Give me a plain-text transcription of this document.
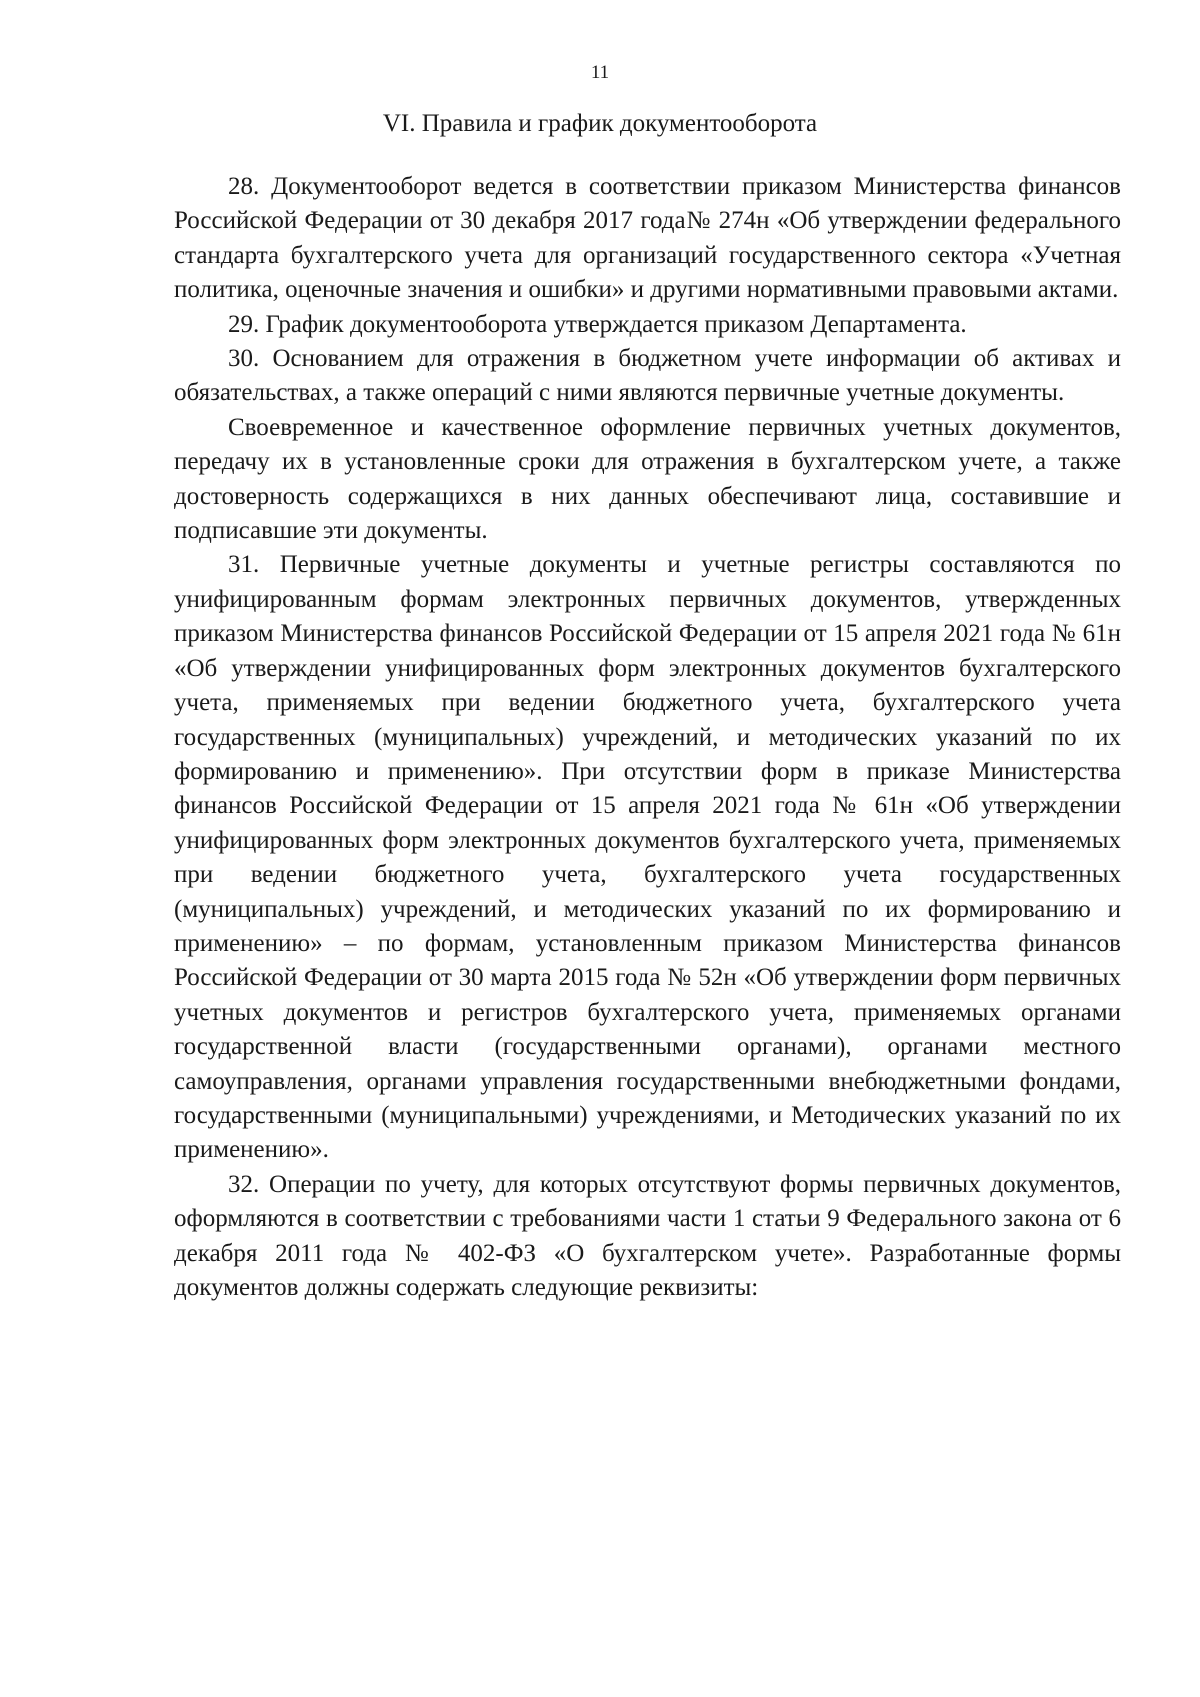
11
VI. Правила и график документооборота

28. Документооборот ведется в соответствии приказом Министерства финансов Российской Федерации от 30 декабря 2017 года№ 274н «Об утверждении федерального стандарта бухгалтерского учета для организаций государственного сектора «Учетная политика, оценочные значения и ошибки» и другими нормативными правовыми актами.

29. График документооборота утверждается приказом Департамента.

30. Основанием для отражения в бюджетном учете информации об активах и обязательствах, а также операций с ними являются первичные учетные документы.

Своевременное и качественное оформление первичных учетных документов, передачу их в установленные сроки для отражения в бухгалтерском учете, а также достоверность содержащихся в них данных обеспечивают лица, составившие и подписавшие эти документы.

31. Первичные учетные документы и учетные регистры составляются по унифицированным формам электронных первичных документов, утвержденных приказом Министерства финансов Российской Федерации от 15 апреля 2021 года № 61н «Об утверждении унифицированных форм электронных документов бухгалтерского учета, применяемых при ведении бюджетного учета, бухгалтерского учета государственных (муниципальных) учреждений, и методических указаний по их формированию и применению». При отсутствии форм в приказе Министерства финансов Российской Федерации от 15 апреля 2021 года № 61н «Об утверждении унифицированных форм электронных документов бухгалтерского учета, применяемых при ведении бюджетного учета, бухгалтерского учета государственных (муниципальных) учреждений, и методических указаний по их формированию и применению» – по формам, установленным приказом Министерства финансов Российской Федерации от 30 марта 2015 года № 52н «Об утверждении форм первичных учетных документов и регистров бухгалтерского учета, применяемых органами государственной власти (государственными органами), органами местного самоуправления, органами управления государственными внебюджетными фондами, государственными (муниципальными) учреждениями, и Методических указаний по их применению».

32. Операции по учету, для которых отсутствуют формы первичных документов, оформляются в соответствии с требованиями части 1 статьи 9 Федерального закона от 6 декабря 2011 года № 402-ФЗ «О бухгалтерском учете». Разработанные формы документов должны содержать следующие реквизиты:
